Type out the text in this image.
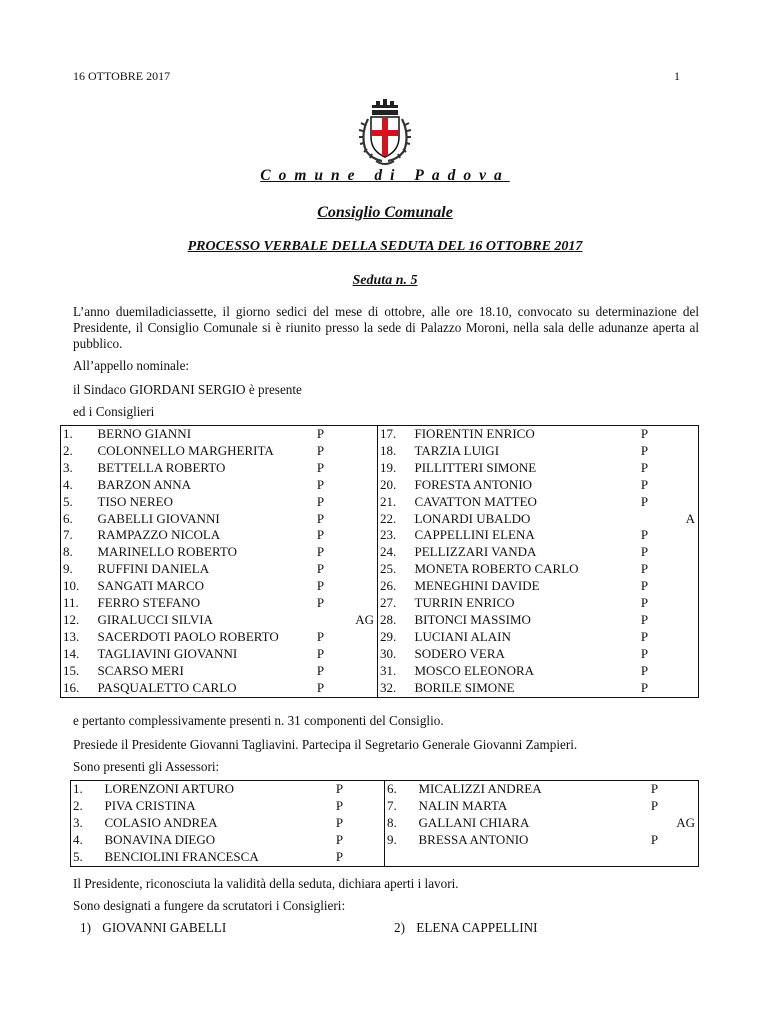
16 OTTOBRE 2017	1
Comune di Padova
Consiglio Comunale
PROCESSO VERBALE DELLA SEDUTA DEL 16 OTTOBRE 2017
Seduta n. 5
L’anno duemiladiciassette, il giorno sedici del mese di ottobre, alle ore 18.10, convocato su determinazione del Presidente, il Consiglio Comunale si è riunito presso la sede di Palazzo Moroni, nella sala delle adunanze aperta al pubblico.
All’appello nominale:
il Sindaco GIORDANI SERGIO è presente
ed i Consiglieri
1.	BERNO GIANNI	P		17.	FIORENTIN ENRICO	P	
2.	COLONNELLO MARGHERITA	P		18.	TARZIA LUIGI	P	
3.	BETTELLA ROBERTO	P		19.	PILLITTERI SIMONE	P	
4.	BARZON ANNA	P		20.	FORESTA ANTONIO	P	
5.	TISO NEREO	P		21.	CAVATTON MATTEO	P	
6.	GABELLI GIOVANNI	P		22.	LONARDI UBALDO		A
7.	RAMPAZZO NICOLA	P		23.	CAPPELLINI ELENA	P	
8.	MARINELLO ROBERTO	P		24.	PELLIZZARI VANDA	P	
9.	RUFFINI DANIELA	P		25.	MONETA ROBERTO CARLO	P	
10.	SANGATI MARCO	P		26.	MENEGHINI DAVIDE	P	
11.	FERRO STEFANO	P		27.	TURRIN ENRICO	P	
12.	GIRALUCCI SILVIA		AG	28.	BITONCI MASSIMO	P	
13.	SACERDOTI PAOLO ROBERTO	P		29.	LUCIANI ALAIN	P	
14.	TAGLIAVINI GIOVANNI	P		30.	SODERO VERA	P	
15.	SCARSO MERI	P		31.	MOSCO ELEONORA	P	
16.	PASQUALETTO CARLO	P		32.	BORILE SIMONE	P	
e pertanto complessivamente presenti n. 31 componenti del Consiglio.
Presiede il Presidente Giovanni Tagliavini. Partecipa il Segretario Generale Giovanni Zampieri.
Sono presenti gli Assessori:
1.	LORENZONI ARTURO	P		6.	MICALIZZI ANDREA	P	
2.	PIVA CRISTINA	P		7.	NALIN MARTA	P	
3.	COLASIO ANDREA	P		8.	GALLANI CHIARA		AG
4.	BONAVINA DIEGO	P		9.	BRESSA ANTONIO	P	
5.	BENCIOLINI FRANCESCA	P					
Il Presidente, riconosciuta la validità della seduta, dichiara aperti i lavori.
Sono designati a fungere da scrutatori i Consiglieri:
1) GIOVANNI GABELLI	2) ELENA CAPPELLINI
